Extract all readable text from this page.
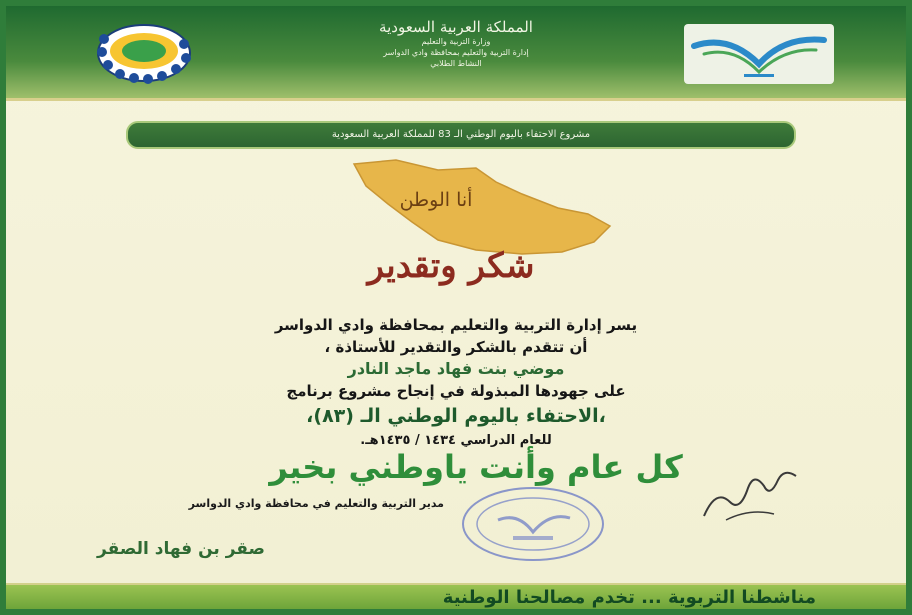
المملكة العربية السعودية
وزارة التربية والتعليم
إدارة التربية والتعليم بمحافظة وادي الدواسر
النشاط الطلابي
مشروع الاحتفاء باليوم الوطني الـ 83 للمملكة العربية السعودية
أنا الوطن
شكر وتقدير
يسر إدارة التربية والتعليم بمحافظة وادي الدواسر
أن تتقدم بالشكر والتقدير للأستاذة ،
موضي بنت فهاد ماجد النادر
على جهودها المبذولة في إنجاح مشروع برنامج
،الاحتفاء باليوم الوطني الـ (٨٣)،
للعام الدراسي ١٤٣٤ / ١٤٣٥هـ.
كل عام وأنت ياوطني بخير
مدير التربية والتعليم في محافظة وادي الدواسر
صقر بن فهاد الصقر
مناشطنا التربوية ... تخدم مصالحنا الوطنية
